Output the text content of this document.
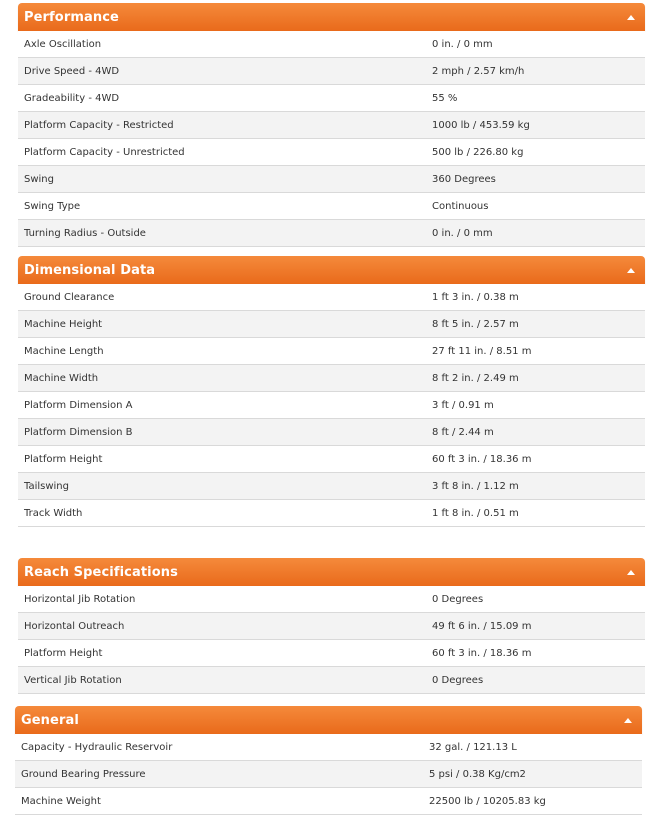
Performance
Axle Oscillation	0 in. / 0 mm
Drive Speed - 4WD	2 mph / 2.57 km/h
Gradeability - 4WD	55 %
Platform Capacity - Restricted	1000 lb / 453.59 kg
Platform Capacity - Unrestricted	500 lb / 226.80 kg
Swing	360 Degrees
Swing Type	Continuous
Turning Radius - Outside	0 in. / 0 mm
Dimensional Data
Ground Clearance	1 ft 3 in. / 0.38 m
Machine Height	8 ft 5 in. / 2.57 m
Machine Length	27 ft 11 in. / 8.51 m
Machine Width	8 ft 2 in. / 2.49 m
Platform Dimension A	3 ft / 0.91 m
Platform Dimension B	8 ft / 2.44 m
Platform Height	60 ft 3 in. / 18.36 m
Tailswing	3 ft 8 in. / 1.12 m
Track Width	1 ft 8 in. / 0.51 m
Reach Specifications
Horizontal Jib Rotation	0 Degrees
Horizontal Outreach	49 ft 6 in. / 15.09 m
Platform Height	60 ft 3 in. / 18.36 m
Vertical Jib Rotation	0 Degrees
General
Capacity - Hydraulic Reservoir	32 gal. / 121.13 L
Ground Bearing Pressure	5 psi / 0.38 Kg/cm2
Machine Weight	22500 lb / 10205.83 kg
